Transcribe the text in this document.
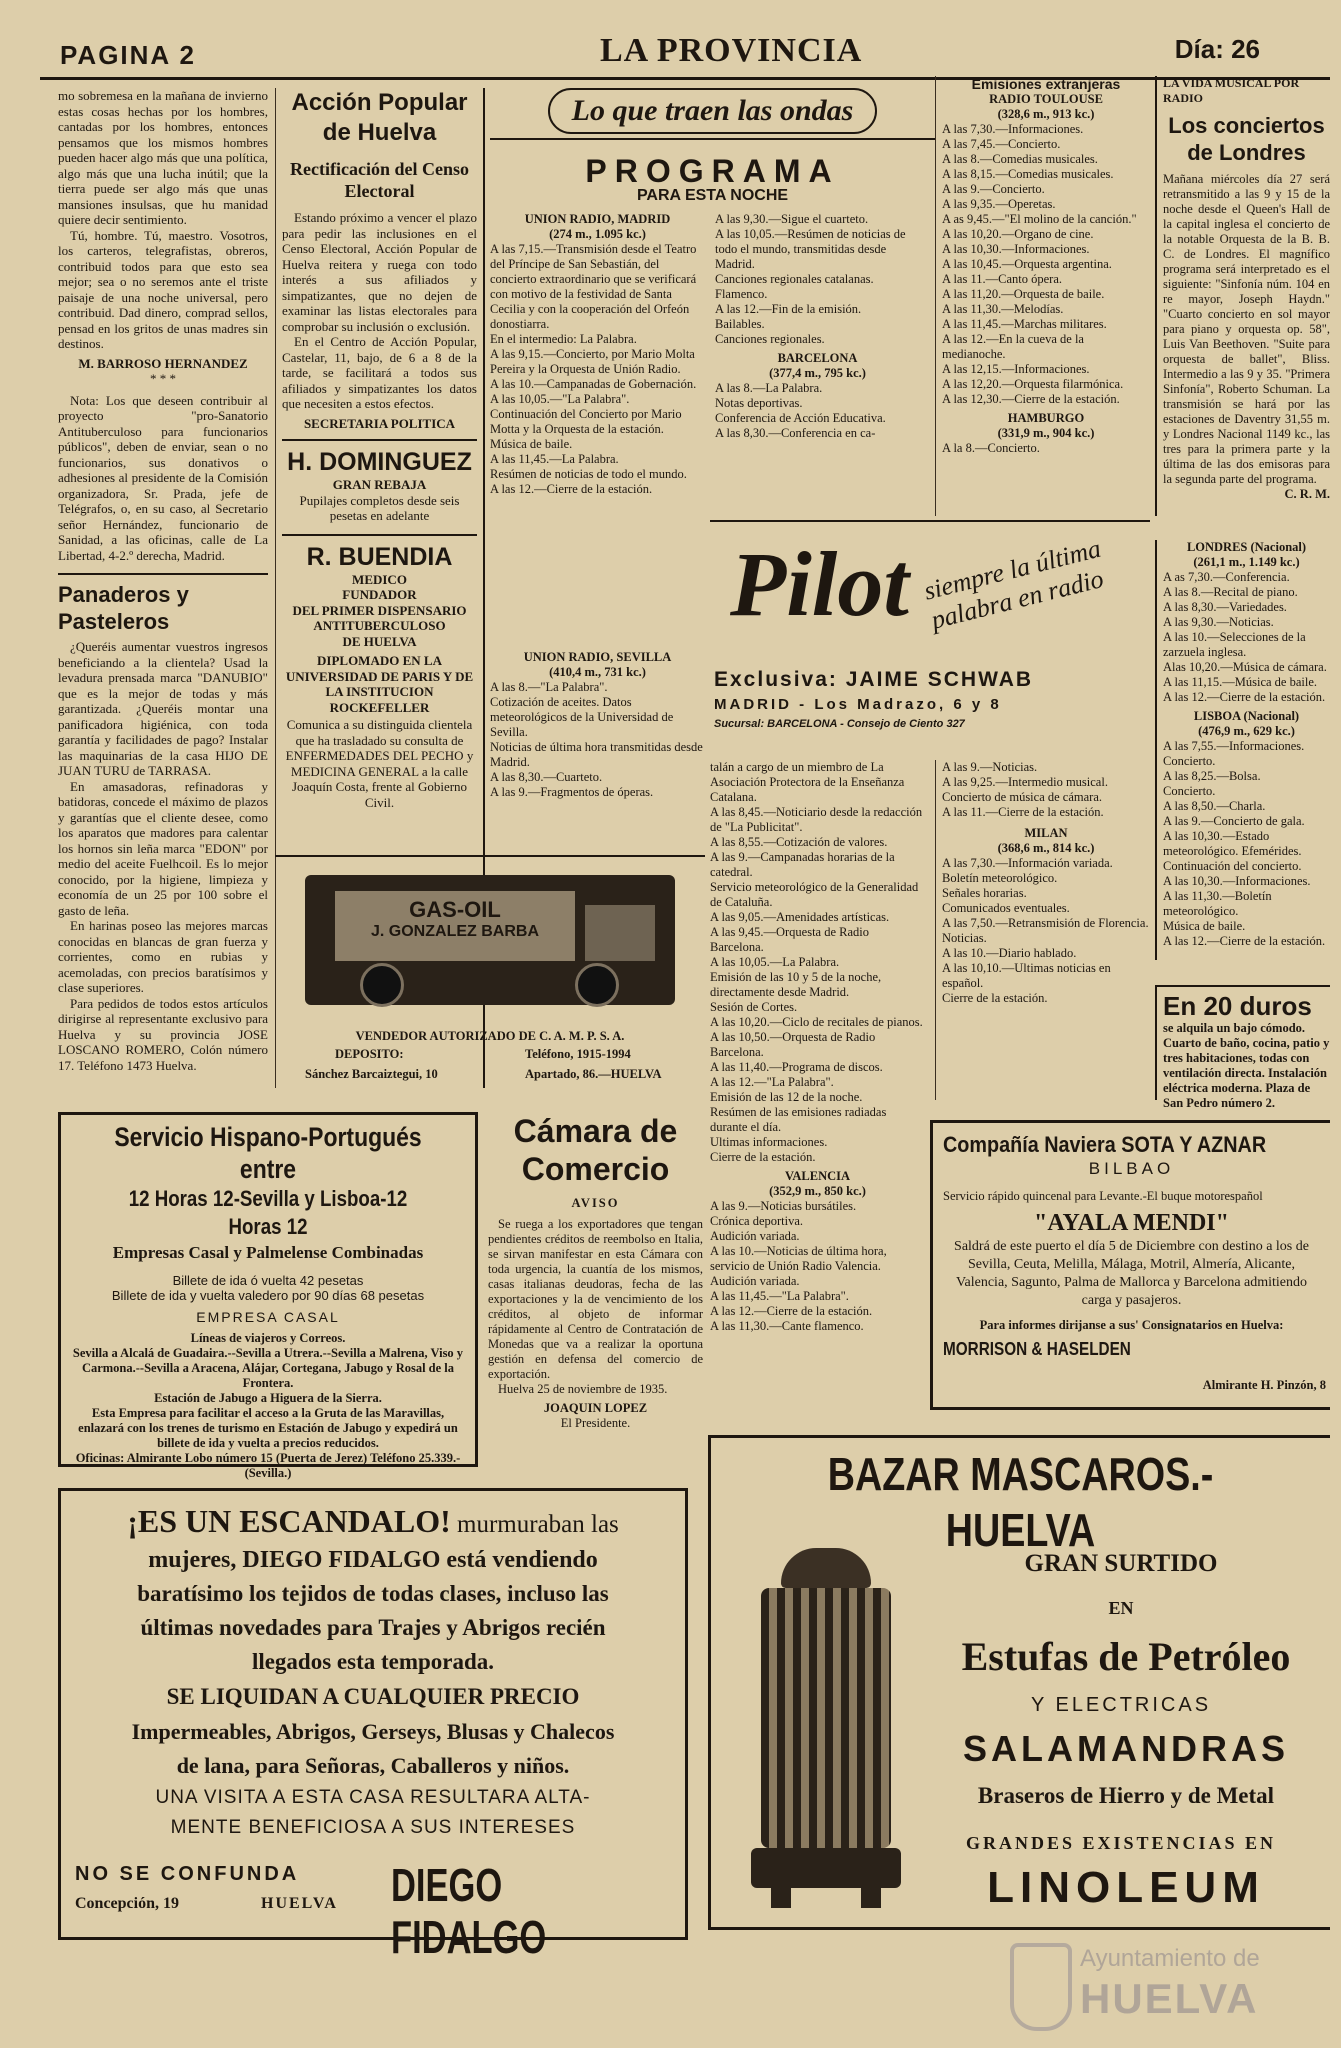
PAGINA 2	LA PROVINCIA	Día: 26

mo sobremesa en la mañana de invierno estas cosas hechas por los hombres, cantadas por los hombres, entonces pensamos que los mismos hombres pueden hacer algo más que una política, algo más que una lucha inútil; que la tierra puede ser algo más que unas mansiones insulsas, que hu manidad quiere decir sentimiento.

Tú, hombre. Tú, maestro. Vosotros, los carteros, telegrafistas, obreros, contribuid todos para que esto sea mejor; sea o no seremos ante el triste paisaje de una noche universal, pero contribuid. Dad dinero, comprad sellos, pensad en los gritos de unas madres sin destinos.

M. BARROSO HERNANDEZ

* * *

Nota: Los que deseen contribuir al proyecto "pro-Sanatorio Antituberculoso para funcionarios públicos", deben de enviar, sean o no funcionarios, sus donativos o adhesiones al presidente de la Comisión organizadora, Sr. Prada, jefe de Telégrafos, o, en su caso, al Secretario señor Hernández, funcionario de Sanidad, a las oficinas, calle de La Libertad, 4-2.º derecha, Madrid.

Panaderos y Pasteleros

¿Queréis aumentar vuestros ingresos beneficiando a la clientela? Usad la levadura prensada marca "DANUBIO" que es la mejor de todas y más garantizada. ¿Queréis montar una panificadora higiénica, con toda garantía y facilidades de pago? Instalar las maquinarias de la casa HIJO DE JUAN TURU de TARRASA.

En amasadoras, refinadoras y batidoras, concede el máximo de plazos y garantías que el cliente desee, como los aparatos que madores para calentar los hornos sin leña marca "EDON" por medio del aceite Fuelhcoil. Es lo mejor conocido, por la higiene, limpieza y economía de un 25 por 100 sobre el gasto de leña.

En harinas poseo las mejores marcas conocidas en blancas de gran fuerza y corrientes, como en rubias y acemoladas, con precios baratísimos y clase superiores.

Para pedidos de todos estos artículos dirigirse al representante exclusivo para Huelva y su provincia JOSE LOSCANO ROMERO, Colón número 17. Teléfono 1473 Huelva.

Acción Popular de Huelva

Rectificación del Censo Electoral

Estando próximo a vencer el plazo para pedir las inclusiones en el Censo Electoral, Acción Popular de Huelva reitera y ruega con todo interés a sus afiliados y simpatizantes, que no dejen de examinar las listas electorales para comprobar su inclusión o exclusión.

En el Centro de Acción Popular, Castelar, 11, bajo, de 6 a 8 de la tarde, se facilitará a todos sus afiliados y simpatizantes los datos que necesiten a estos efectos.

SECRETARIA POLITICA

H. DOMINGUEZ

GRAN REBAJA

Pupilajes completos desde seis pesetas en adelante

R. BUENDIA

MEDICO

FUNDADOR

DEL PRIMER DISPENSARIO

ANTITUBERCULOSO

DE HUELVA

DIPLOMADO EN LA UNIVERSIDAD DE PARIS Y DE LA INSTITUCION ROCKEFELLER

Comunica a su distinguida clientela que ha trasladado su consulta de ENFERMEDADES DEL PECHO y MEDICINA GENERAL a la calle Joaquín Costa, frente al Gobierno Civil.

Lo que traen las ondas

PROGRAMA

PARA ESTA NOCHE

UNION RADIO, MADRID

(274 m., 1.095 kc.)

A las 7,15.—Transmisión desde el Teatro del Príncipe de San Sebastián, del concierto extraordinario que se verificará con motivo de la festividad de Santa Cecilia y con la cooperación del Orfeón donostiarra.

En el intermedio: La Palabra.

A las 9,15.—Concierto, por Mario Molta Pereira y la Orquesta de Unión Radio.

A las 10.—Campanadas de Gobernación.

A las 10,05.—"La Palabra".

Continuación del Concierto por Mario Motta y la Orquesta de la estación.

Música de baile.

A las 11,45.—La Palabra.

Resúmen de noticias de todo el mundo.

A las 12.—Cierre de la estación.

A las 9,30.—Sigue el cuarteto.

A las 10,05.—Resúmen de noticias de todo el mundo, transmitidas desde Madrid.

Canciones regionales catalanas.

Flamenco.

A las 12.—Fin de la emisión.

Bailables.

Canciones regionales.

BARCELONA

(377,4 m., 795 kc.)

A las 8.—La Palabra.

Notas deportivas.

Conferencia de Acción Educativa.

A las 8,30.—Conferencia en ca-

UNION RADIO, SEVILLA

(410,4 m., 731 kc.)

A las 8.—"La Palabra".

Cotización de aceites. Datos meteorológicos de la Universidad de Sevilla.

Noticias de última hora transmitidas desde Madrid.

A las 8,30.—Cuarteto.

A las 9.—Fragmentos de óperas.

Emisiones extranjeras

RADIO TOULOUSE

(328,6 m., 913 kc.)

A las 7,30.—Informaciones.

A las 7,45.—Concierto.

A las 8.—Comedias musicales.

A las 8,15.—Comedias musicales.

A las 9.—Concierto.

A las 9,35.—Operetas.

A as 9,45.—"El molino de la canción."

A las 10,20.—Organo de cine.

A las 10,30.—Informaciones.

A las 10,45.—Orquesta argentina.

A las 11.—Canto ópera.

A las 11,20.—Orquesta de baile.

A las 11,30.—Melodías.

A las 11,45.—Marchas militares.

A las 12.—En la cueva de la medianoche.

A las 12,15.—Informaciones.

A las 12,20.—Orquesta filarmónica.

A las 12,30.—Cierre de la estación.

HAMBURGO

(331,9 m., 904 kc.)

A la 8.—Concierto.

LA VIDA MUSICAL POR RADIO

Los conciertos de Londres

Mañana miércoles día 27 será retransmitido a las 9 y 15 de la noche desde el Queen's Hall de la capital inglesa el concierto de la notable Orquesta de la B. B. C. de Londres. El magnífico programa será interpretado es el siguiente: "Sinfonía núm. 104 en re mayor, Joseph Haydn." "Cuarto concierto en sol mayor para piano y orquesta op. 58", Luis Van Beethoven. "Suite para orquesta de ballet", Bliss. Intermedio a las 9 y 35. "Primera Sinfonía", Roberto Schuman. La transmisión se hará por las estaciones de Daventry 31,55 m. y Londres Nacional 1149 kc., las tres para la primera parte y la última de las dos emisoras para la segunda parte del programa.

C. R. M.

Pilot siempre la última palabra en radio

Exclusiva: JAIME SCHWAB

MADRID - Los Madrazo, 6 y 8

Sucursal: BARCELONA - Consejo de Ciento 327

talán a cargo de un miembro de La Asociación Protectora de la Enseñanza Catalana.

A las 8,45.—Noticiario desde la redacción de "La Publicitat".

A las 8,55.—Cotización de valores.

A las 9.—Campanadas horarias de la catedral.

Servicio meteorológico de la Generalidad de Cataluña.

A las 9,05.—Amenidades artísticas.

A las 9,45.—Orquesta de Radio Barcelona.

A las 10,05.—La Palabra.

Emisión de las 10 y 5 de la noche, directamente desde Madrid.

Sesión de Cortes.

A las 10,20.—Ciclo de recitales de pianos.

A las 10,50.—Orquesta de Radio Barcelona.

A las 11,40.—Programa de discos.

A las 12.—"La Palabra".

Emisión de las 12 de la noche.

Resúmen de las emisiones radiadas durante el día.

Ultimas informaciones.

Cierre de la estación.

VALENCIA

(352,9 m., 850 kc.)

A las 9.—Noticias bursátiles.

Crónica deportiva.

Audición variada.

A las 10.—Noticias de última hora, servicio de Unión Radio Valencia.

Audición variada.

A las 11,45.—"La Palabra".

A las 12.—Cierre de la estación.

A las 11,30.—Cante flamenco.

A las 9.—Noticias.

A las 9,25.—Intermedio musical.

Concierto de música de cámara.

A las 11.—Cierre de la estación.

MILAN

(368,6 m., 814 kc.)

A las 7,30.—Información variada.

Boletín meteorológico.

Señales horarias.

Comunicados eventuales.

A las 7,50.—Retransmisión de Florencia.

Noticias.

A las 10.—Diario hablado.

A las 10,10.—Ultimas noticias en español.

Cierre de la estación.

LONDRES (Nacional)

(261,1 m., 1.149 kc.)

A as 7,30.—Conferencia.

A las 8.—Recital de piano.

A las 8,30.—Variedades.

A las 9,30.—Noticias.

A las 10.—Selecciones de la zarzuela inglesa.

Alas 10,20.—Música de cámara.

A las 11,15.—Música de baile.

A las 12.—Cierre de la estación.

LISBOA (Nacional)

(476,9 m., 629 kc.)

A las 7,55.—Informaciones.

Concierto.

A las 8,25.—Bolsa.

Concierto.

A las 8,50.—Charla.

A las 9.—Concierto de gala.

A las 10,30.—Estado meteorológico. Efemérides.

Continuación del concierto.

A las 10,30.—Informaciones.

A las 11,30.—Boletín meteorológico.

Música de baile.

A las 12.—Cierre de la estación.

En 20 duros

se alquila un bajo cómodo. Cuarto de baño, cocina, patio y tres habitaciones, todas con ventilación directa. Instalación eléctrica moderna. Plaza de San Pedro número 2.

GAS-OIL

J. GONZALEZ BARBA

VENDEDOR AUTORIZADO DE C. A. M. P. S. A.

DEPOSITO:	Teléfono, 1915-1994

Sánchez Barcaiztegui, 10	Apartado, 86.—HUELVA

Servicio Hispano-Portugués entre

12 Horas 12-Sevilla y Lisboa-12 Horas 12

Empresas Casal y Palmelense Combinadas

Billete de ida ó vuelta 42 pesetas

Billete de ida y vuelta valedero por 90 días 68 pesetas

EMPRESA CASAL

Líneas de viajeros y Correos.

Sevilla a Alcalá de Guadaira.--Sevilla a Utrera.--Sevilla a Malrena, Viso y Carmona.--Sevilla a Aracena, Alájar, Cortegana, Jabugo y Rosal de la Frontera.

Estación de Jabugo a Higuera de la Sierra.

Esta Empresa para facilitar el acceso a la Gruta de las Maravillas, enlazará con los trenes de turismo en Estación de Jabugo y expedirá un billete de ida y vuelta a precios reducidos.

Oficinas: Almirante Lobo número 15 (Puerta de Jerez) Teléfono 25.339.-(Sevilla.)

Cámara de Comercio

AVISO

Se ruega a los exportadores que tengan pendientes créditos de reembolso en Italia, se sirvan manifestar en esta Cámara con toda urgencia, la cuantía de los mismos, casas italianas deudoras, fecha de las exportaciones y la de vencimiento de los créditos, al objeto de informar rápidamente al Centro de Contratación de Monedas que va a realizar la oportuna gestión en defensa del comercio de exportación.

Huelva 25 de noviembre de 1935.

JOAQUIN LOPEZ

El Presidente.

Compañía Naviera SOTA Y AZNAR

BILBAO

Servicio rápido quincenal para Levante.-El buque motorespañol

"AYALA MENDI"

Saldrá de este puerto el día 5 de Diciembre con destino a los de Sevilla, Ceuta, Melilla, Málaga, Motril, Almería, Alicante, Valencia, Sagunto, Palma de Mallorca y Barcelona admitiendo carga y pasajeros.

Para informes dirijanse a sus' Consignatarios en Huelva:

MORRISON & HASELDEN

Almirante H. Pinzón, 8

¡ES UN ESCANDALO! murmuraban las

mujeres, DIEGO FIDALGO está vendiendo

baratísimo los tejidos de todas clases, incluso las

últimas novedades para Trajes y Abrigos recién

llegados esta temporada.

SE LIQUIDAN A CUALQUIER PRECIO

Impermeables, Abrigos, Gerseys, Blusas y Chalecos

de lana, para Señoras, Caballeros y niños.

UNA VISITA A ESTA CASA RESULTARA ALTA-

MENTE BENEFICIOSA A SUS INTERESES

NO SE CONFUNDA

Concepción, 19	HUELVA DIEGO FIDALGO

BAZAR MASCAROS.-HUELVA

GRAN SURTIDO

EN

Estufas de Petróleo

Y ELECTRICAS

SALAMANDRAS

Braseros de Hierro y de Metal

GRANDES EXISTENCIAS EN

LINOLEUM

Ayuntamiento de

HUELVA
